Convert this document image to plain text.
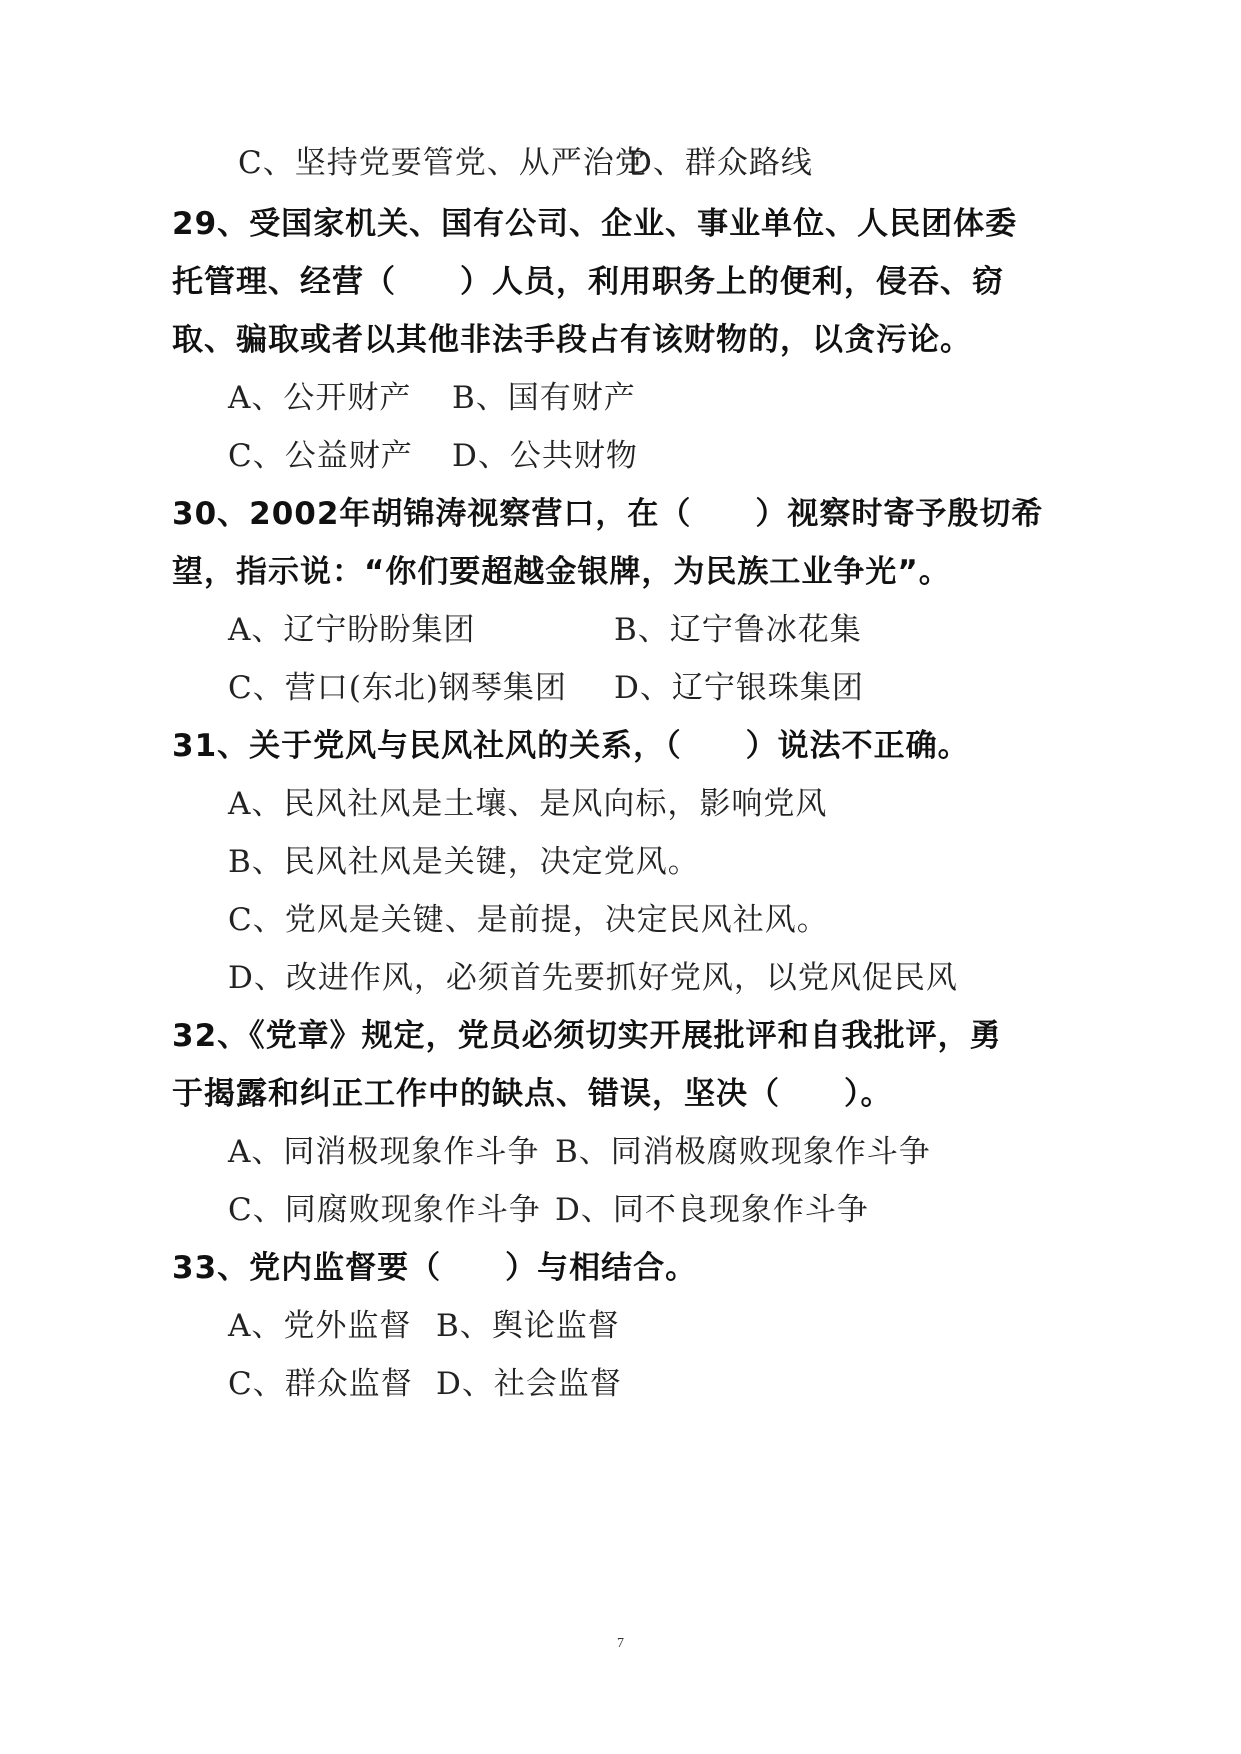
C、坚持党要管党、从严治党
D、群众路线
29、受国家机关、国有公司、企业、事业单位、人民团体委
托管理、经营（　　）人员，利用职务上的便利，侵吞、窃
取、骗取或者以其他非法手段占有该财物的，以贪污论。
A、公开财产 B、国有财产
C、公益财产 D、公共财物
30、2002年胡锦涛视察营口，在（　　）视察时寄予殷切希
望，指示说：“你们要超越金银牌，为民族工业争光”。
A、辽宁盼盼集团	B、辽宁鲁冰花集
C、营口(东北)钢琴集团 D、辽宁银珠集团
31、关于党风与民风社风的关系，（　　）说法不正确。
A、民风社风是土壤、是风向标，影响党风
B、民风社风是关键，决定党风。
C、党风是关键、是前提，决定民风社风。
D、改进作风，必须首先要抓好党风，以党风促民风
32、《党章》规定，党员必须切实开展批评和自我批评，勇
于揭露和纠正工作中的缺点、错误，坚决（　　）。
A、同消极现象作斗争 B、同消极腐败现象作斗争
C、同腐败现象作斗争 D、同不良现象作斗争
33、党内监督要（　　）与相结合。
A、党外监督 B、舆论监督
C、群众监督 D、社会监督
7
